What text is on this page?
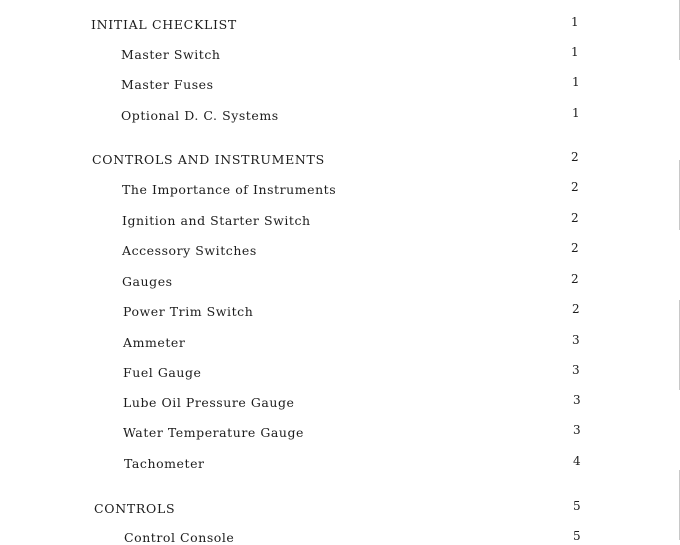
INITIAL CHECKLIST	1
Master Switch	1
Master Fuses	1
Optional D. C. Systems	1
CONTROLS AND INSTRUMENTS	2
The Importance of Instruments	2
Ignition and Starter Switch	2
Accessory Switches	2
Gauges	2
Power Trim Switch	2
Ammeter	3
Fuel Gauge	3
Lube Oil Pressure Gauge	3
Water Temperature Gauge	3
Tachometer	4
CONTROLS	5
Control Console	5
